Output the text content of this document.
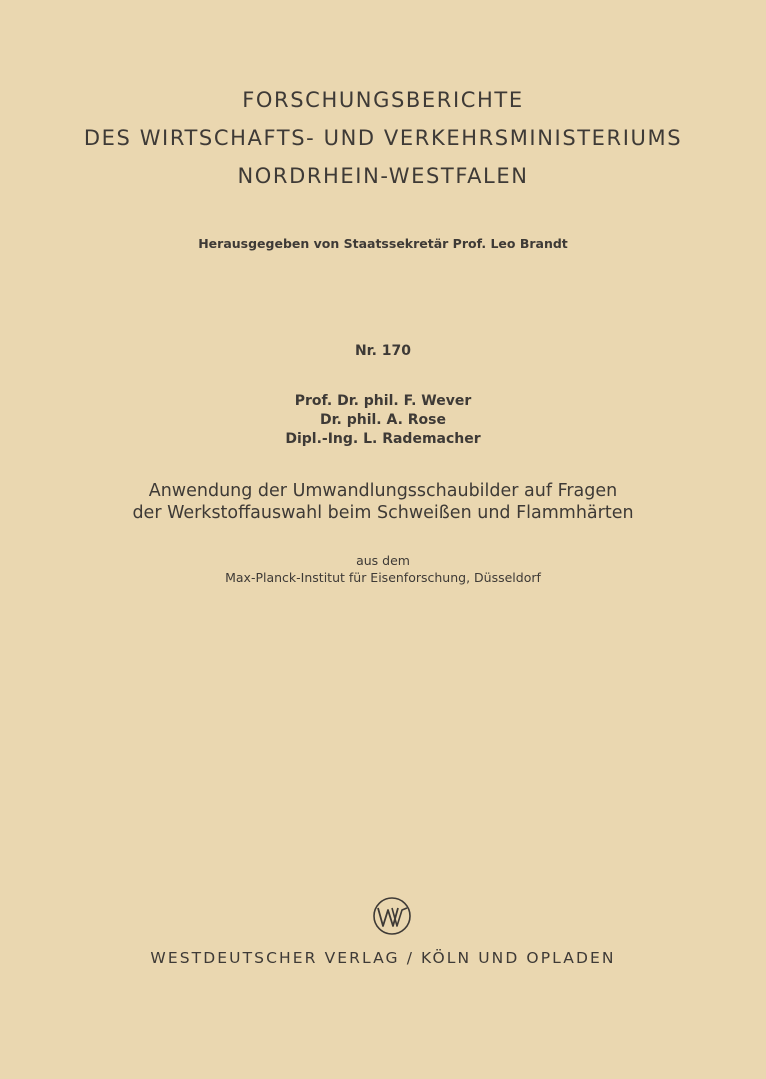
FORSCHUNGSBERICHTE
DES WIRTSCHAFTS- UND VERKEHRSMINISTERIUMS
NORDRHEIN-WESTFALEN
Herausgegeben von Staatssekretär Prof. Leo Brandt
Nr. 170
Prof. Dr. phil. F. Wever
Dr. phil. A. Rose
Dipl.-Ing. L. Rademacher
Anwendung der Umwandlungsschaubilder auf Fragen
der Werkstoffauswahl beim Schweißen und Flammhärten
aus dem
Max-Planck-Institut für Eisenforschung, Düsseldorf
WESTDEUTSCHER VERLAG / KÖLN UND OPLADEN
